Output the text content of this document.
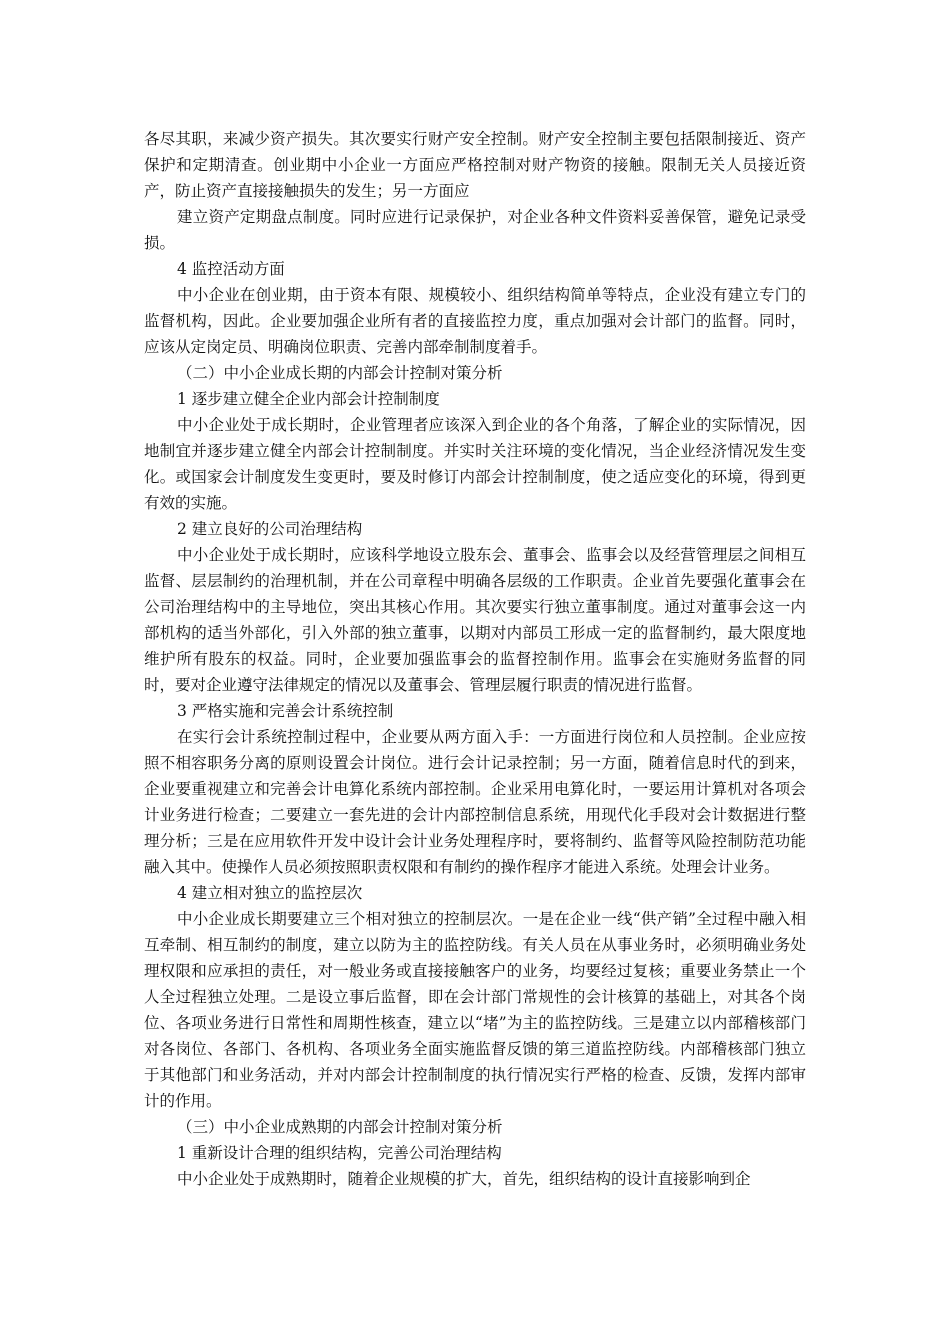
各尽其职，来减少资产损失。其次要实行财产安全控制。财产安全控制主要包括限制接近、资产保护和定期清查。创业期中小企业一方面应严格控制对财产物资的接触。限制无关人员接近资产，防止资产直接接触损失的发生；另一方面应

建立资产定期盘点制度。同时应进行记录保护，对企业各种文件资料妥善保管，避免记录受损。

4 监控活动方面

中小企业在创业期，由于资本有限、规模较小、组织结构简单等特点，企业没有建立专门的监督机构，因此。企业要加强企业所有者的直接监控力度，重点加强对会计部门的监督。同时，应该从定岗定员、明确岗位职责、完善内部牵制制度着手。

（二）中小企业成长期的内部会计控制对策分析

1 逐步建立健全企业内部会计控制制度

中小企业处于成长期时，企业管理者应该深入到企业的各个角落，了解企业的实际情况，因地制宜并逐步建立健全内部会计控制制度。并实时关注环境的变化情况，当企业经济情况发生变化。或国家会计制度发生变更时，要及时修订内部会计控制制度，使之适应变化的环境，得到更有效的实施。

2 建立良好的公司治理结构

中小企业处于成长期时，应该科学地设立股东会、董事会、监事会以及经营管理层之间相互监督、层层制约的治理机制，并在公司章程中明确各层级的工作职责。企业首先要强化董事会在公司治理结构中的主导地位，突出其核心作用。其次要实行独立董事制度。通过对董事会这一内部机构的适当外部化，引入外部的独立董事，以期对内部员工形成一定的监督制约，最大限度地维护所有股东的权益。同时，企业要加强监事会的监督控制作用。监事会在实施财务监督的同时，要对企业遵守法律规定的情况以及董事会、管理层履行职责的情况进行监督。

3 严格实施和完善会计系统控制

在实行会计系统控制过程中，企业要从两方面入手：一方面进行岗位和人员控制。企业应按照不相容职务分离的原则设置会计岗位。进行会计记录控制；另一方面，随着信息时代的到来，企业要重视建立和完善会计电算化系统内部控制。企业采用电算化时，一要运用计算机对各项会计业务进行检查；二要建立一套先进的会计内部控制信息系统，用现代化手段对会计数据进行整理分析；三是在应用软件开发中设计会计业务处理程序时，要将制约、监督等风险控制防范功能融入其中。使操作人员必须按照职责权限和有制约的操作程序才能进入系统。处理会计业务。

4 建立相对独立的监控层次

中小企业成长期要建立三个相对独立的控制层次。一是在企业一线“供产销”全过程中融入相互牵制、相互制约的制度，建立以防为主的监控防线。有关人员在从事业务时，必须明确业务处理权限和应承担的责任，对一般业务或直接接触客户的业务，均要经过复核；重要业务禁止一个人全过程独立处理。二是设立事后监督，即在会计部门常规性的会计核算的基础上，对其各个岗位、各项业务进行日常性和周期性核查，建立以“堵”为主的监控防线。三是建立以内部稽核部门对各岗位、各部门、各机构、各项业务全面实施监督反馈的第三道监控防线。内部稽核部门独立于其他部门和业务活动，并对内部会计控制制度的执行情况实行严格的检查、反馈，发挥内部审计的作用。

（三）中小企业成熟期的内部会计控制对策分析

1 重新设计合理的组织结构，完善公司治理结构

中小企业处于成熟期时，随着企业规模的扩大，首先，组织结构的设计直接影响到企
